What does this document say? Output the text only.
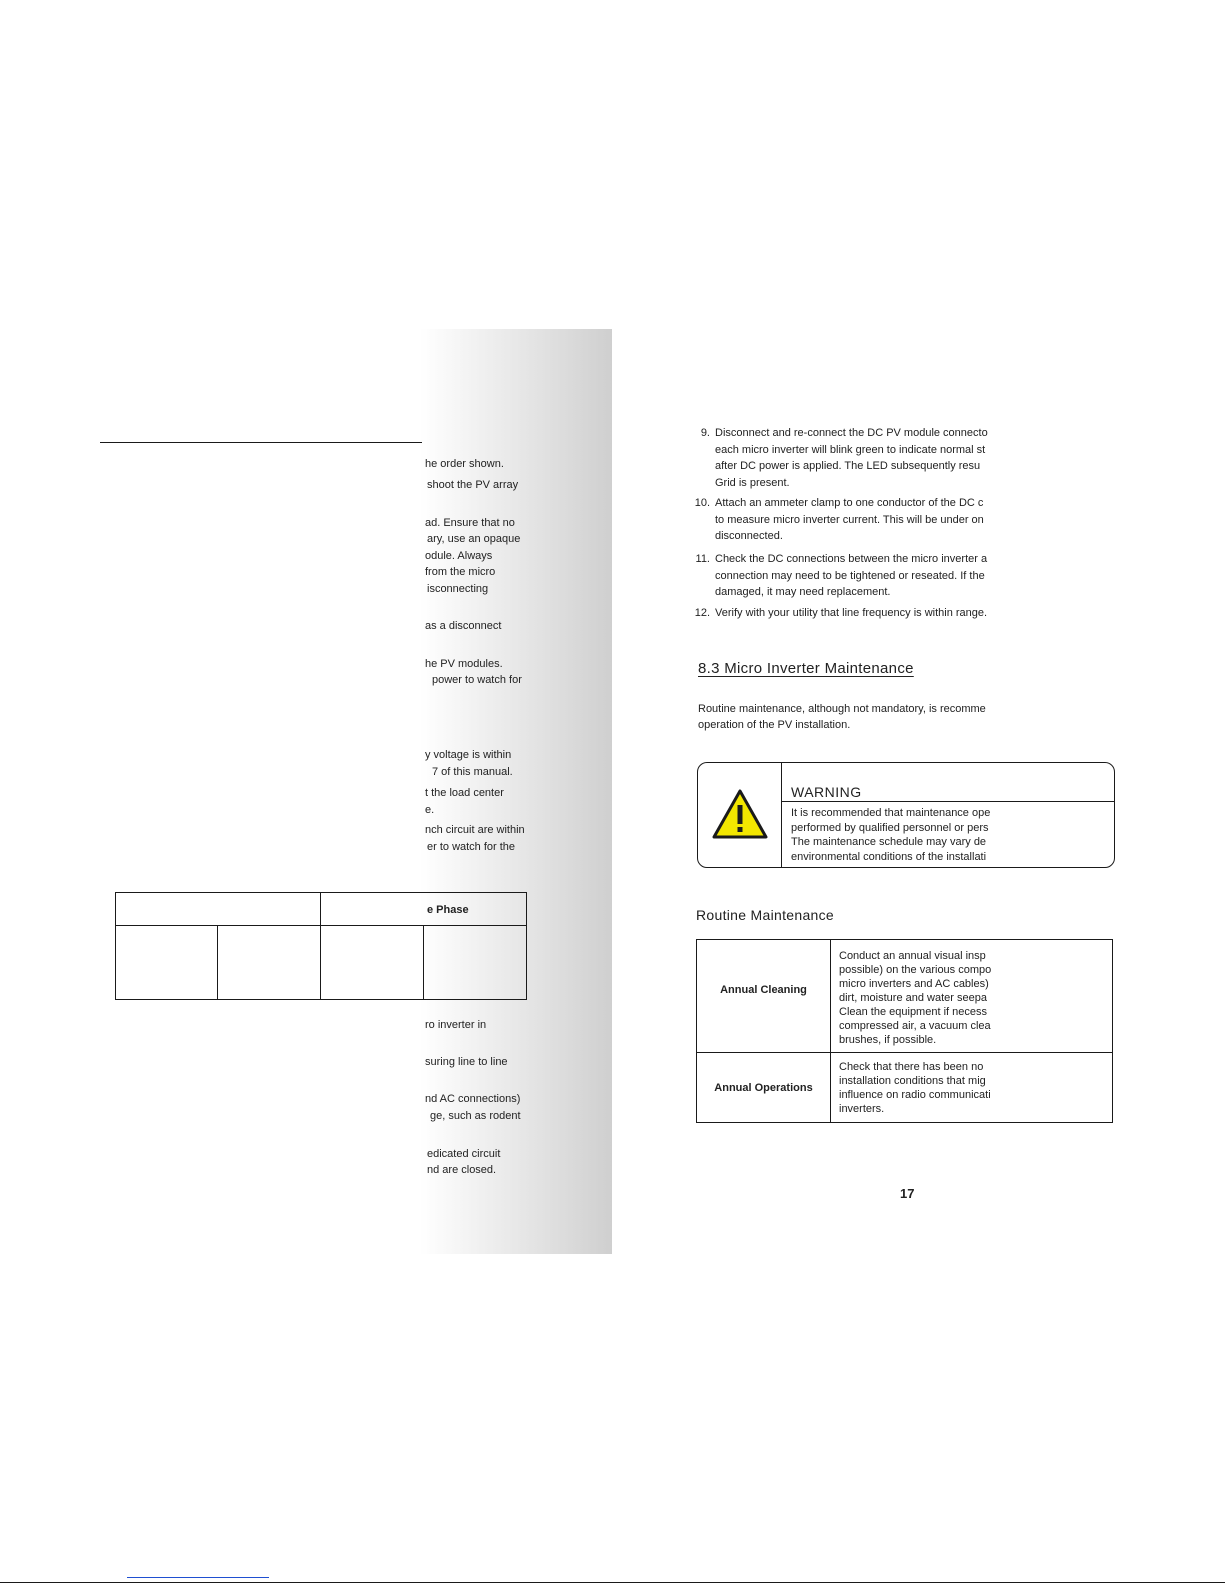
he order shown.
shoot the PV array
ad. Ensure that no
ary, use an opaque
odule. Always
from the micro
isconnecting
as a disconnect
he PV modules.
power to watch for
y voltage is within
7 of this manual.
t the load center
e.
nch circuit are within
er to watch for the
e Phase
ro inverter in
suring line to line
nd AC connections)
ge, such as rodent
edicated circuit
nd are closed.
9. Disconnect and re-connect the DC PV module connecto
each micro inverter will blink green to indicate normal st
after DC power is applied. The LED subsequently resu
Grid is present.
10. Attach an ammeter clamp to one conductor of the DC c
to measure micro inverter current. This will be under on
disconnected.
11. Check the DC connections between the micro inverter a
connection may need to be tightened or reseated. If the
damaged, it may need replacement.
12. Verify with your utility that line frequency is within range.
8.3 Micro Inverter Maintenance
Routine maintenance, although not mandatory, is recomme
operation of the PV installation.
WARNING
It is recommended that maintenance ope
performed by qualified personnel or pers
The maintenance schedule may vary de
environmental conditions of the installati
Routine Maintenance
Annual Cleaning
Conduct an annual visual insp
possible) on the various compo
micro inverters and AC cables)
dirt, moisture and water seepa
Clean the equipment if necess
compressed air, a vacuum clea
brushes, if possible.
Annual Operations
Check that there has been no
installation conditions that mig
influence on radio communicati
inverters.
17
